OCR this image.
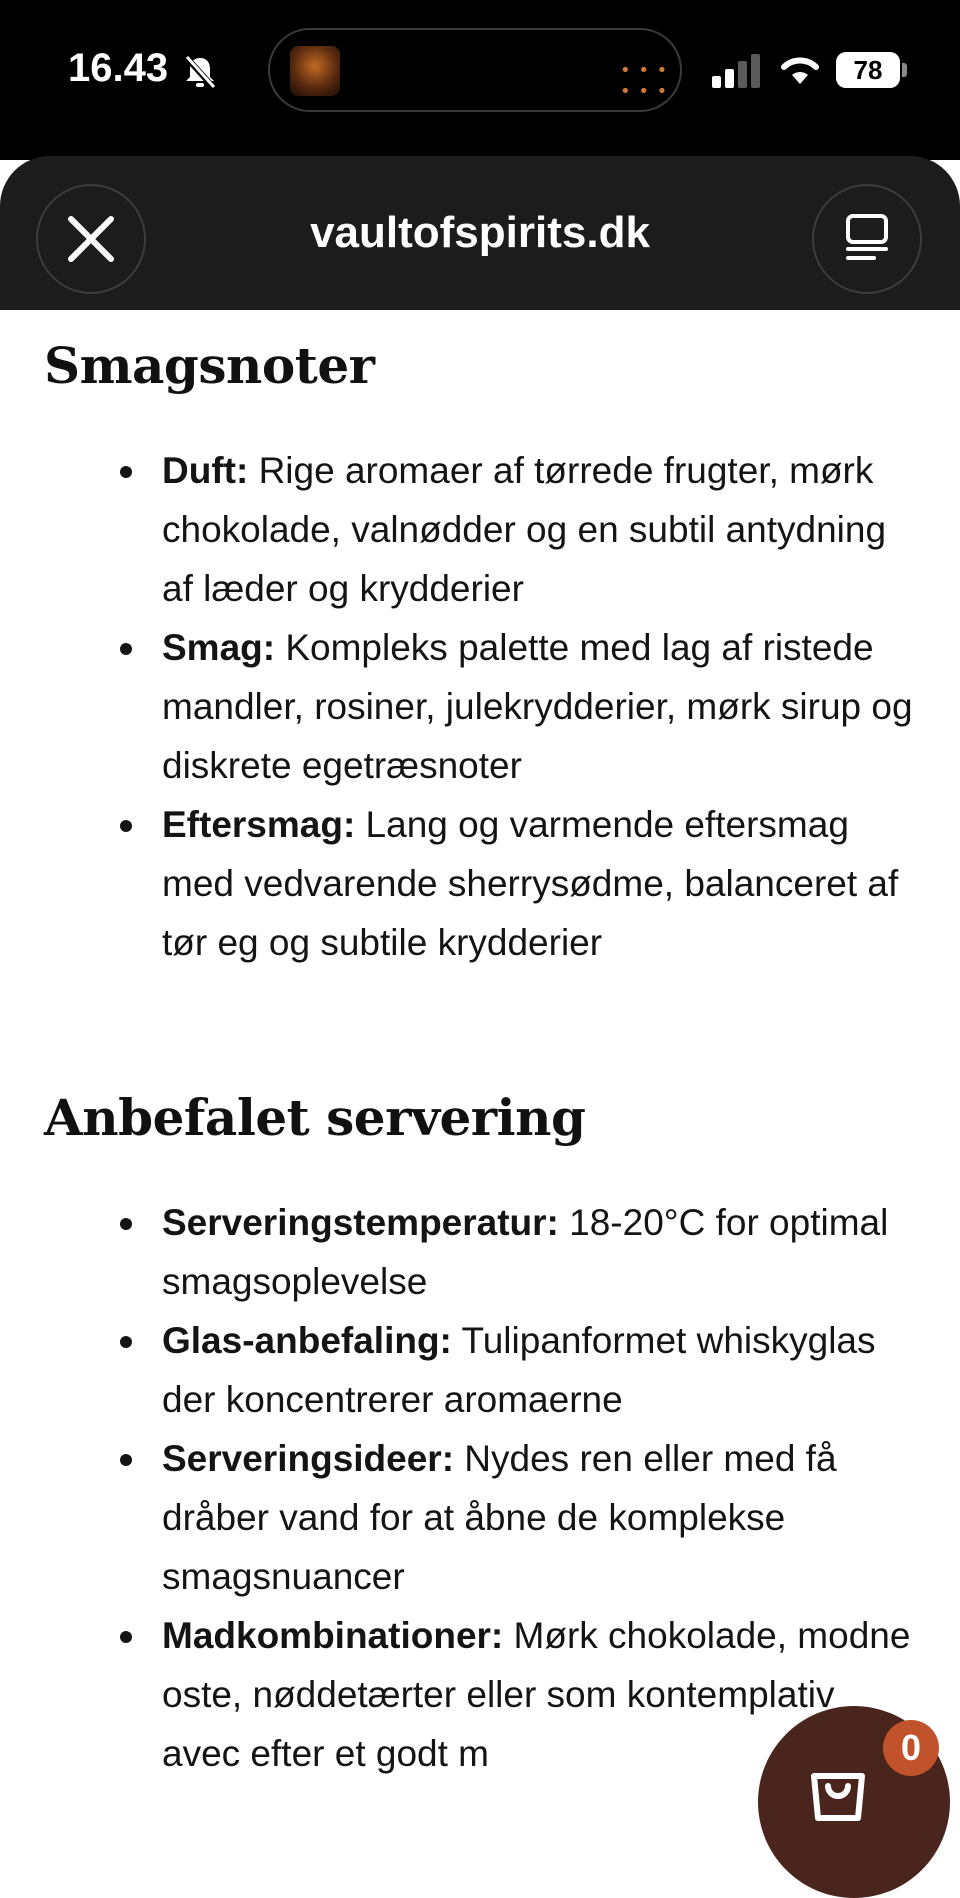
16.43	• • • • • •
78
vaultofspirits.dk
Smagsnoter
Duft: Rige aromaer af tørrede frugter, mørk chokolade, valnødder og en subtil antydning af læder og krydderier
Smag: Kompleks palette med lag af ristede mandler, rosiner, julekrydderier, mørk sirup og diskrete egetræsnoter
Eftersmag: Lang og varmende eftersmag med vedvarende sherrysødme, balanceret af tør eg og subtile krydderier
Anbefalet servering
Serveringstemperatur: 18-20°C for optimal smagsoplevelse
Glas-anbefaling: Tulipanformet whiskyglas der koncentrerer aromaerne
Serveringsideer: Nydes ren eller med få dråber vand for at åbne de komplekse smagsnuancer
Madkombinationer: Mørk chokolade, modne oste, nøddetærter eller som kontemplativ avec efter et godt m	0
